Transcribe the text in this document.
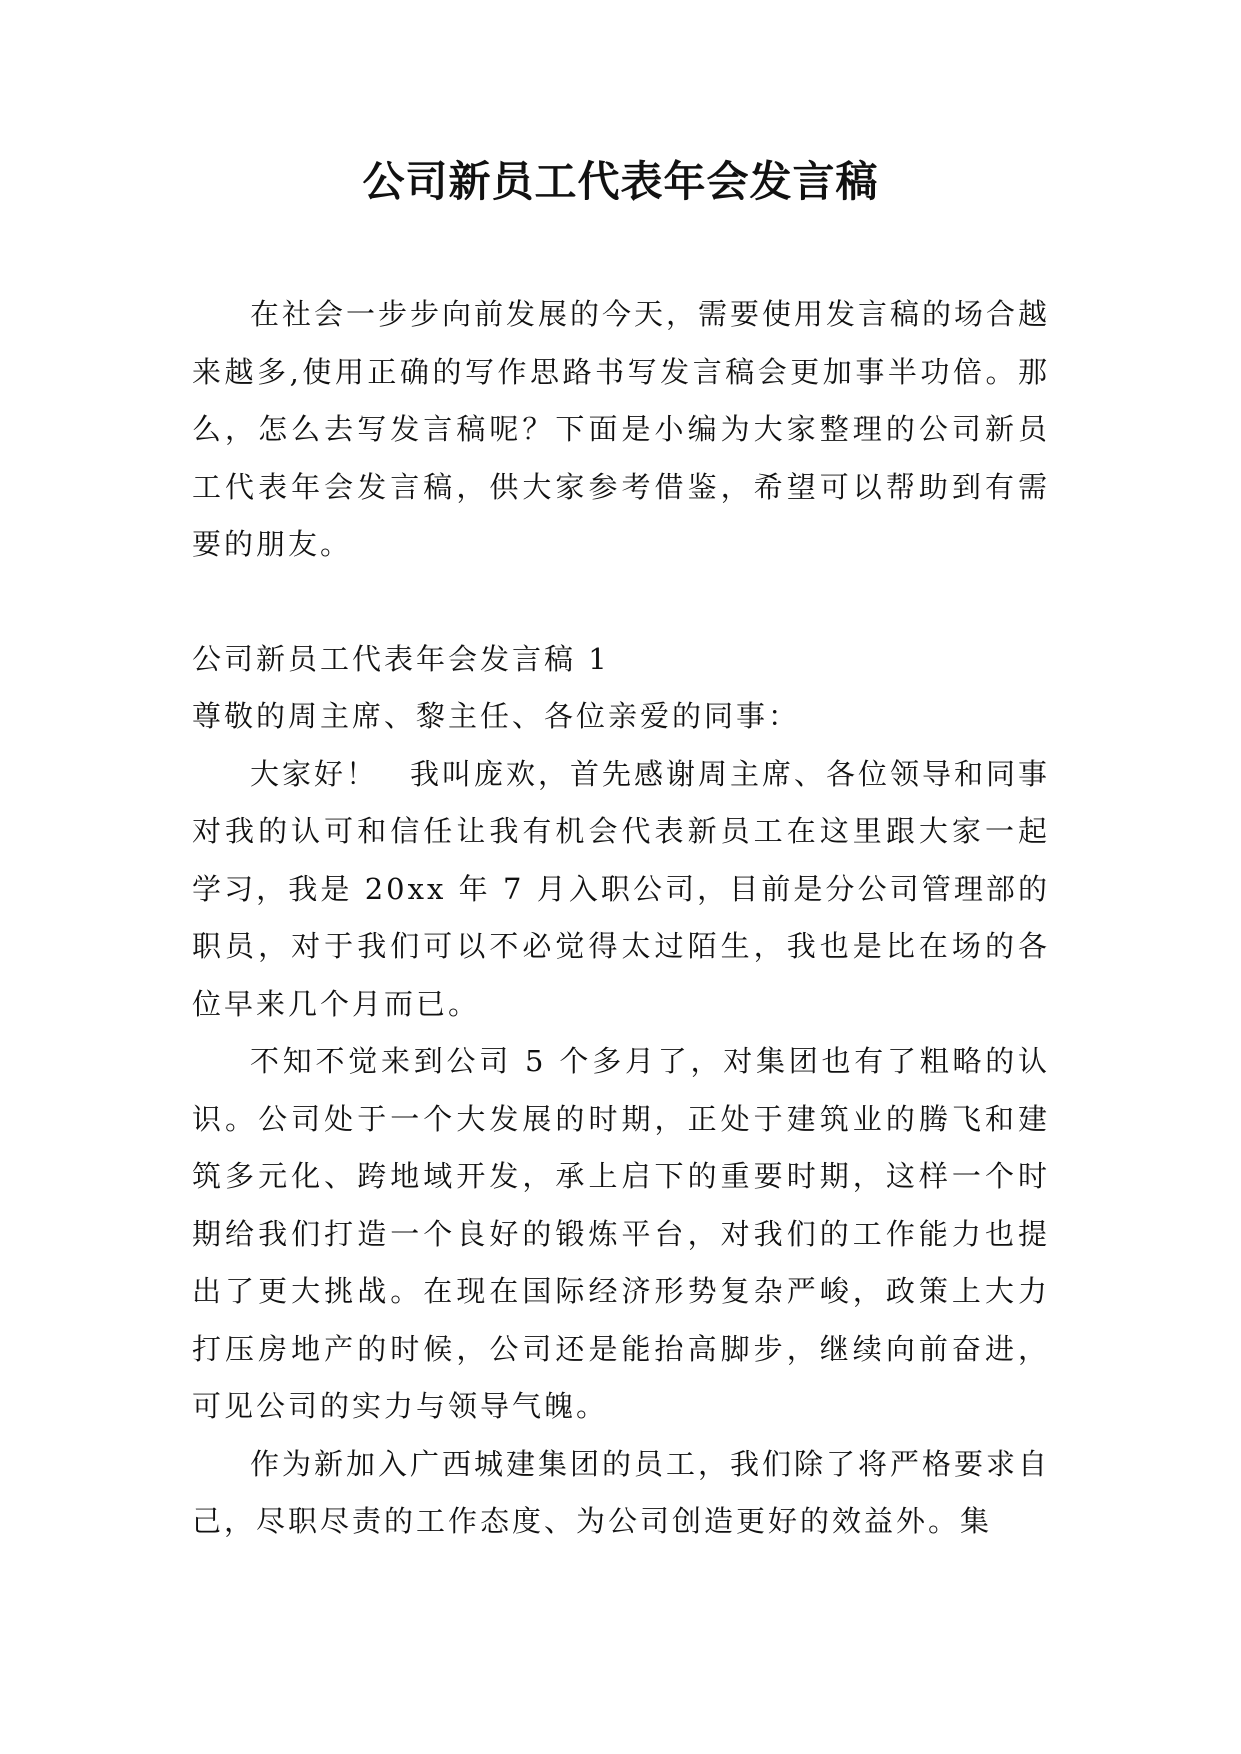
公司新员工代表年会发言稿

在社会一步步向前发展的今天，需要使用发言稿的场合越来越多,使用正确的写作思路书写发言稿会更加事半功倍。那么，怎么去写发言稿呢？下面是小编为大家整理的公司新员工代表年会发言稿，供大家参考借鉴，希望可以帮助到有需要的朋友。

公司新员工代表年会发言稿 1

尊敬的周主席、黎主任、各位亲爱的同事：

大家好！　我叫庞欢，首先感谢周主席、各位领导和同事对我的认可和信任让我有机会代表新员工在这里跟大家一起学习，我是 20xx 年 7 月入职公司，目前是分公司管理部的职员，对于我们可以不必觉得太过陌生，我也是比在场的各位早来几个月而已。

不知不觉来到公司 5 个多月了，对集团也有了粗略的认识。公司处于一个大发展的时期，正处于建筑业的腾飞和建筑多元化、跨地域开发，承上启下的重要时期，这样一个时期给我们打造一个良好的锻炼平台，对我们的工作能力也提出了更大挑战。在现在国际经济形势复杂严峻，政策上大力打压房地产的时候，公司还是能抬高脚步，继续向前奋进，可见公司的实力与领导气魄。

作为新加入广西城建集团的员工，我们除了将严格要求自己，尽职尽责的工作态度、为公司创造更好的效益外。集
